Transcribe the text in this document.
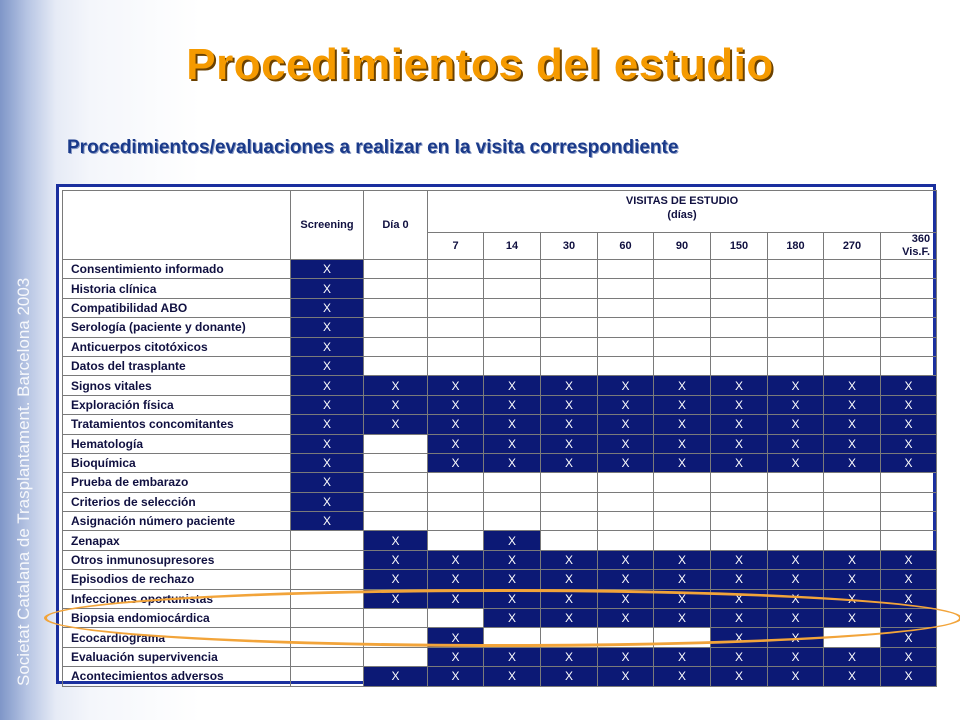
Societat Catalana de Trasplantament. Barcelona 2003
Procedimientos del estudio
Procedimientos/evaluaciones a realizar en la visita correspondiente
	Screening	Día 0	VISITAS DE ESTUDIO
(días)								

			7	14	30	60	90	150	180	270	360
Vis.F.

Consentimiento informado	X										
Historia clínica	X										
Compatibilidad ABO	X										
Serología (paciente y donante)	X										
Anticuerpos citotóxicos	X										
Datos del trasplante	X										
Signos vitales	X	X	X	X	X	X	X	X	X	X	X
Exploración física	X	X	X	X	X	X	X	X	X	X	X
Tratamientos concomitantes	X	X	X	X	X	X	X	X	X	X	X
Hematología	X		X	X	X	X	X	X	X	X	X
Bioquímica	X		X	X	X	X	X	X	X	X	X
Prueba de embarazo	X										
Criterios de selección	X										
Asignación número paciente	X										
Zenapax		X		X							
Otros inmunosupresores		X	X	X	X	X	X	X	X	X	X
Episodios de rechazo		X	X	X	X	X	X	X	X	X	X
Infecciones oportunistas		X	X	X	X	X	X	X	X	X	X
Biopsia endomiocárdica				X	X	X	X	X	X	X	X
Ecocardiograma			X					X	X		X
Evaluación supervivencia			X	X	X	X	X	X	X	X	X
Acontecimientos adversos		X	X	X	X	X	X	X	X	X	X
